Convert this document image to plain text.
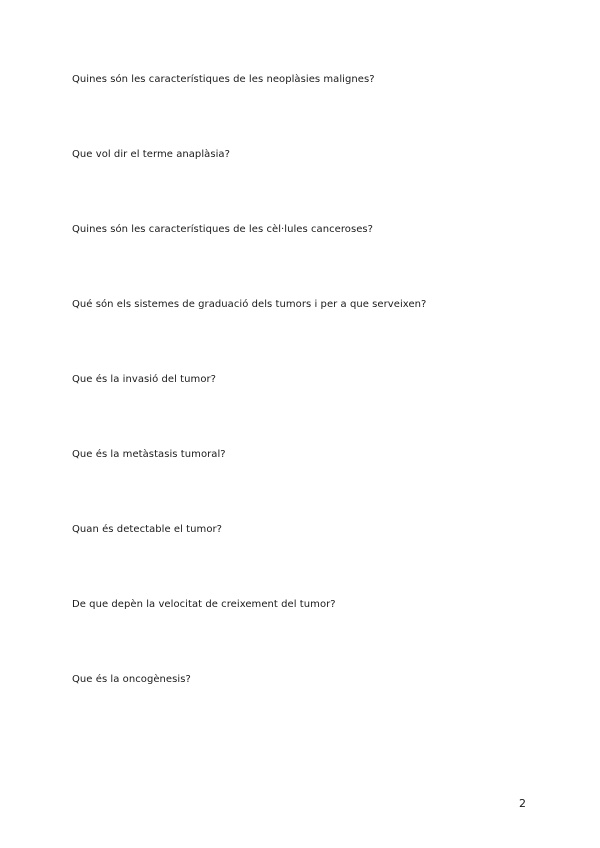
Quines són les característiques de les neoplàsies malignes?
Que vol dir el terme anaplàsia?
Quines són les característiques de les cèl·lules canceroses?
Qué són els sistemes de graduació dels tumors i per a que serveixen?
Que és la invasió del tumor?
Que és la metàstasis tumoral?
Quan és detectable el tumor?
De que depèn la velocitat de creixement del tumor?
Que és la oncogènesis?
2
